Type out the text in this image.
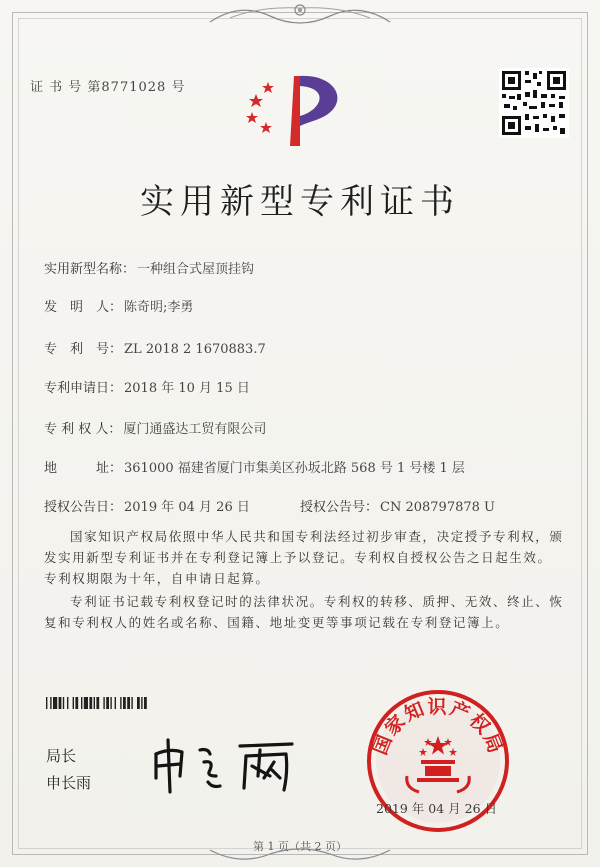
证 书 号 第8771028 号
实用新型专利证书
实用新型名称： 一种组合式屋顶挂钩
发　明　人： 陈奇明;李勇
专　利　号： ZL 2018 2 1670883.7
专利申请日： 2018 年 10 月 15 日
专 利 权 人： 厦门通盛达工贸有限公司
地　　　址： 361000 福建省厦门市集美区孙坂北路 568 号 1 号楼 1 层
授权公告日： 2019 年 04 月 26 日	授权公告号： CN 208797878 U
国家知识产权局依照中华人民共和国专利法经过初步审查，决定授予专利权，颁发实用新型专利证书并在专利登记簿上予以登记。专利权自授权公告之日起生效。专利权期限为十年，自申请日起算。
专利证书记载专利权登记时的法律状况。专利权的转移、质押、无效、终止、恢复和专利权人的姓名或名称、国籍、地址变更等事项记载在专利登记簿上。
局长
申长雨
国家知识产权局
2019 年 04 月 26 日
第 1 页（共 2 页）
